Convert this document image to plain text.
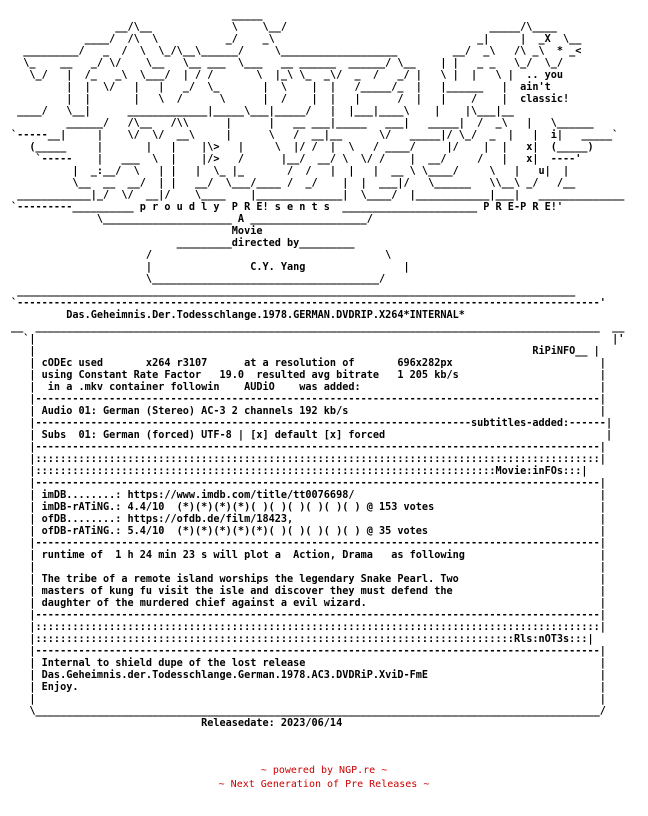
_____
__/\__             \    \__/                                 _____/\____
____/  /\  \           _/    _\                                 _|     |  _X  \__
_________/   _  /  \  \_/\__\______/     \___________________         __/  _\   /\ _\  * _<
\_    __   _/ \/    \__   \__ ___  \___   __ ______  ______/ \__    | |   _ _   \_/  \_/
\_/   |  /_   _\  \___/  | / /       \  |_\ \_  _\/  _  /   _/ |   \ |  |   \ |  .. you
|  |  \/   |   |   _/  \_       |  \    |  |   /_____/_  |   |______   |  ain't
|  |       |   \  /      \      |  /    |  |   |      /  |   |    /    |  classic!
____/   \__|      _____________|_____\___|_____/   |  |___|____\    |    |\___|__
______/   /\__   /\\      |      |   __ ___|_____   ___|   _____|  /  _\   |   \______
`-----__|     |    \/  \/  __\     |      \   /  __|__      \/   _____|/ \_/  _  |   |  i|   _____`
(_____     |       |   |    |\>   |     \  |/ /  |  \   / ____/     |/    |  |   x|  (_____)
`-----    |   ___  \  |    |/>   /      |__/  __/ \  \/ /    |  __/     /   |   x|  ----'
|  _:__/  \   | |   |  \_ |_       /  /   |  |   |  __ \ \____/     \   |   u|  |
\__  __  __/  | |   __/  \___/____ /  _/    |  |  ___|/   \______   \\__\ _/   /__
____________|_/  \/  __|/    \____    |______________|  \____/  |____________|___|   ______________
`---------__________ p r o u d l y  P R E! s e n t s  ______________________ P R E-P R E!'
\_____________________ A ___________________/
Movie
_________directed by_________
/                                      \
|                C.Y. Yang                |
\_____________________________________/
___________________________________________________________________________________________
`-----------------------------------------------------------------------------------------------'
Das.Geheimnis.Der.Todesschlange.1978.GERMAN.DVDRIP.X264*INTERNAL*
__  ____________________________________________________________________________________________  __
`|                                                                                              |'
|                                                                                 RiPiNFO__ |
| cODEc used       x264 r3107      at a resolution of       696x282px                        |
| using Constant Rate Factor   19.0  resulted avg bitrate   1 205 kb/s                       |
|  in a .mkv container followin    AUDiO    was added:                                       |
|--------------------------------------------------------------------------------------------|
| Audio 01: German (Stereo) AC-3 2 channels 192 kb/s                                         |
|-----------------------------------------------------------------------subtitles-added:------|
| Subs  01: German (forced) UTF-8 | [x] default [x] forced                                    |
|--------------------------------------------------------------------------------------------|
|::::::::::::::::::::::::::::::::::::::::::::::::::::::::::::::::::::::::::::::::::::::::::::|
|:::::::::::::::::::::::::::::::::::::::::::::::::::::::::::::::::::::::::::Movie:inFOs:::|
|--------------------------------------------------------------------------------------------|
| imDB........: https://www.imdb.com/title/tt0076698/                                        |
| imDB-rATiNG.: 4.4/10  (*)(*)(*)(*)( )( )( )( )( )( ) @ 153 votes                           |
| ofDB........: https://ofdb.de/film/18423,                                                  |
| ofDB-rATiNG.: 5.4/10  (*)(*)(*)(*)(*)( )( )( )( )( ) @ 35 votes                            |
|--------------------------------------------------------------------------------------------|
| runtime of  1 h 24 min 23 s will plot a  Action, Drama   as following                      |
|                                                                                            |
| The tribe of a remote island worships the legendary Snake Pearl. Two                       |
| masters of kung fu visit the isle and discover they must defend the                        |
| daughter of the murdered chief against a evil wizard.                                      |
|--------------------------------------------------------------------------------------------|
|::::::::::::::::::::::::::::::::::::::::::::::::::::::::::::::::::::::::::::::::::::::::::::|
|::::::::::::::::::::::::::::::::::::::::::::::::::::::::::::::::::::::::::::::Rls:nOT3s:::|
|--------------------------------------------------------------------------------------------|
| Internal to shield dupe of the lost release                                                |
| Das.Geheimnis.der.Todesschlange.German.1978.AC3.DVDRiP.XviD-FmE                            |
| Enjoy.                                                                                     |
|                                                                                            |
\____________________________________________________________________________________________/
Releasedate: 2023/06/14
~ powered by NGP.re ~
~ Next Generation of Pre Releases ~
